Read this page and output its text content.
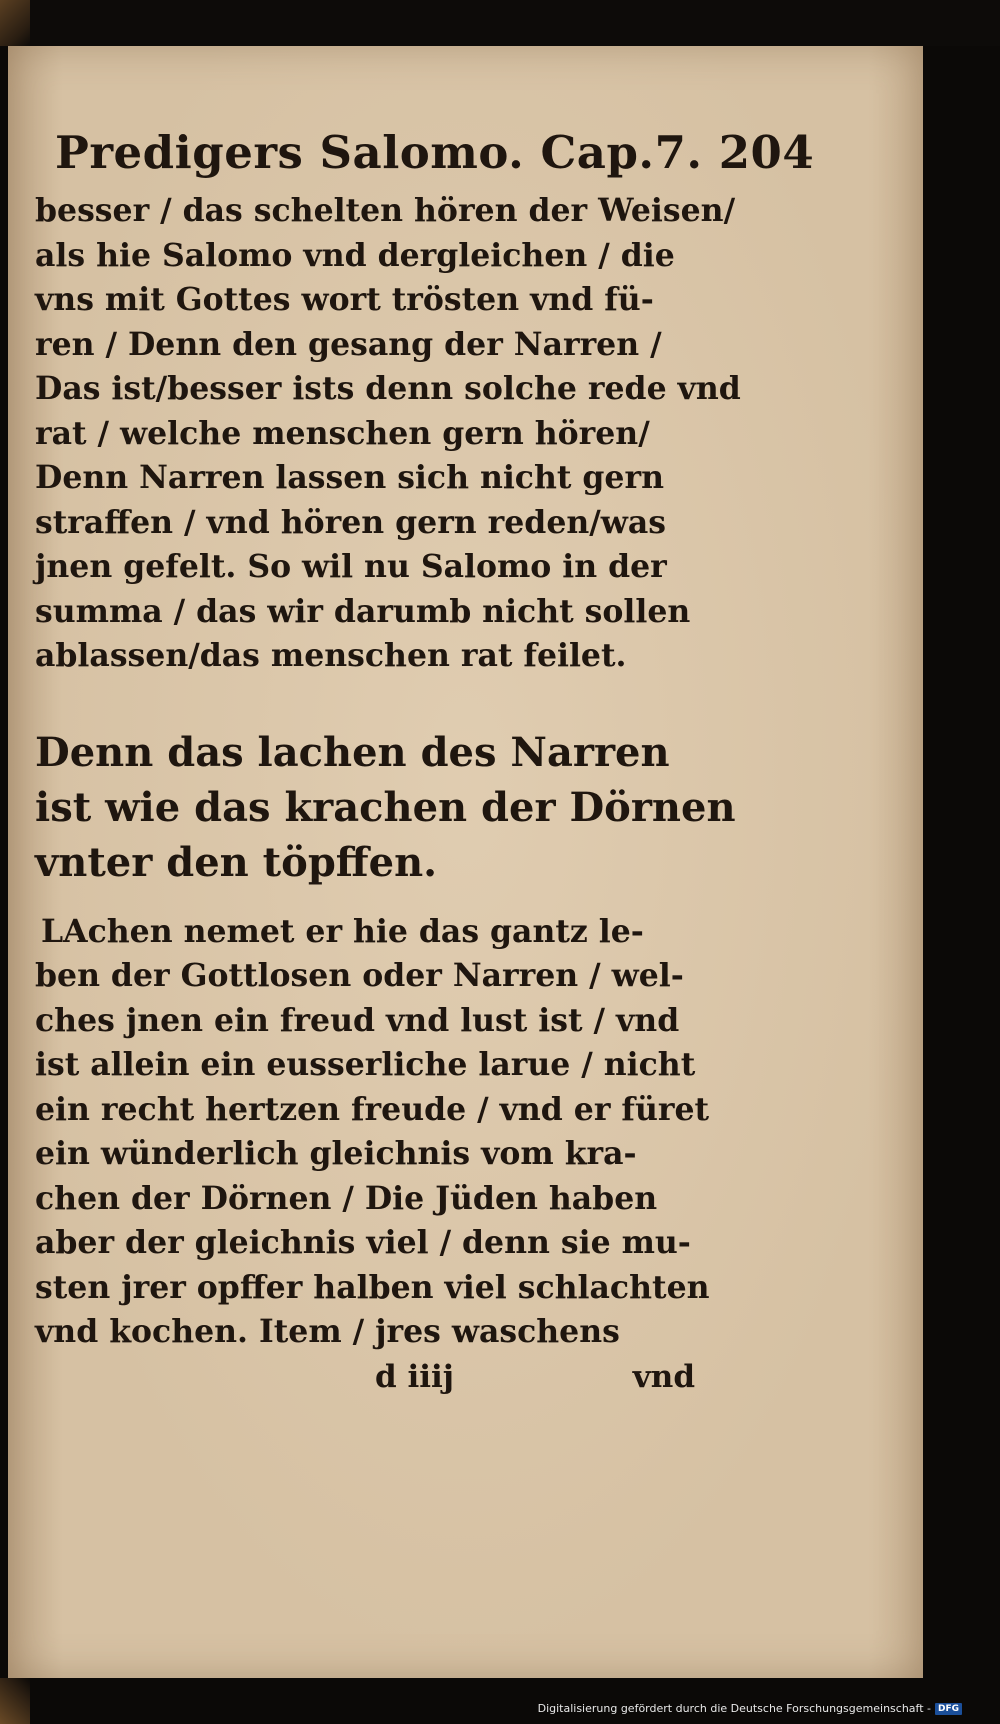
Predigers Salomo. Cap.7. 204

besser / das schelten hören der Weisen/
als hie Salomo vnd dergleichen / die
vns mit Gottes wort trösten vnd fü-
ren / Denn den gesang der Narren /
Das ist/besser ists denn solche rede vnd
rat / welche menschen gern hören/
Denn Narren lassen sich nicht gern
straffen / vnd hören gern reden/was
jnen gefelt. So wil nu Salomo in der
summa / das wir darumb nicht sollen
ablassen/das menschen rat feilet.

Denn das lachen des Narren
ist wie das krachen der Dörnen
vnter den töpffen.

LAchen nemet er hie das gantz le-
ben der Gottlosen oder Narren / wel-
ches jnen ein freud vnd lust ist / vnd
ist allein ein eusserliche larue / nicht
ein recht hertzen freude / vnd er füret
ein wünderlich gleichnis vom kra-
chen der Dörnen / Die Jüden haben
aber der gleichnis viel / denn sie mu-
sten jrer opffer halben viel schlachten
vnd kochen. Item / jres waschens

d iiij	vnd
Digitalisierung gefördert durch die Deutsche Forschungsgemeinschaft - DFG
